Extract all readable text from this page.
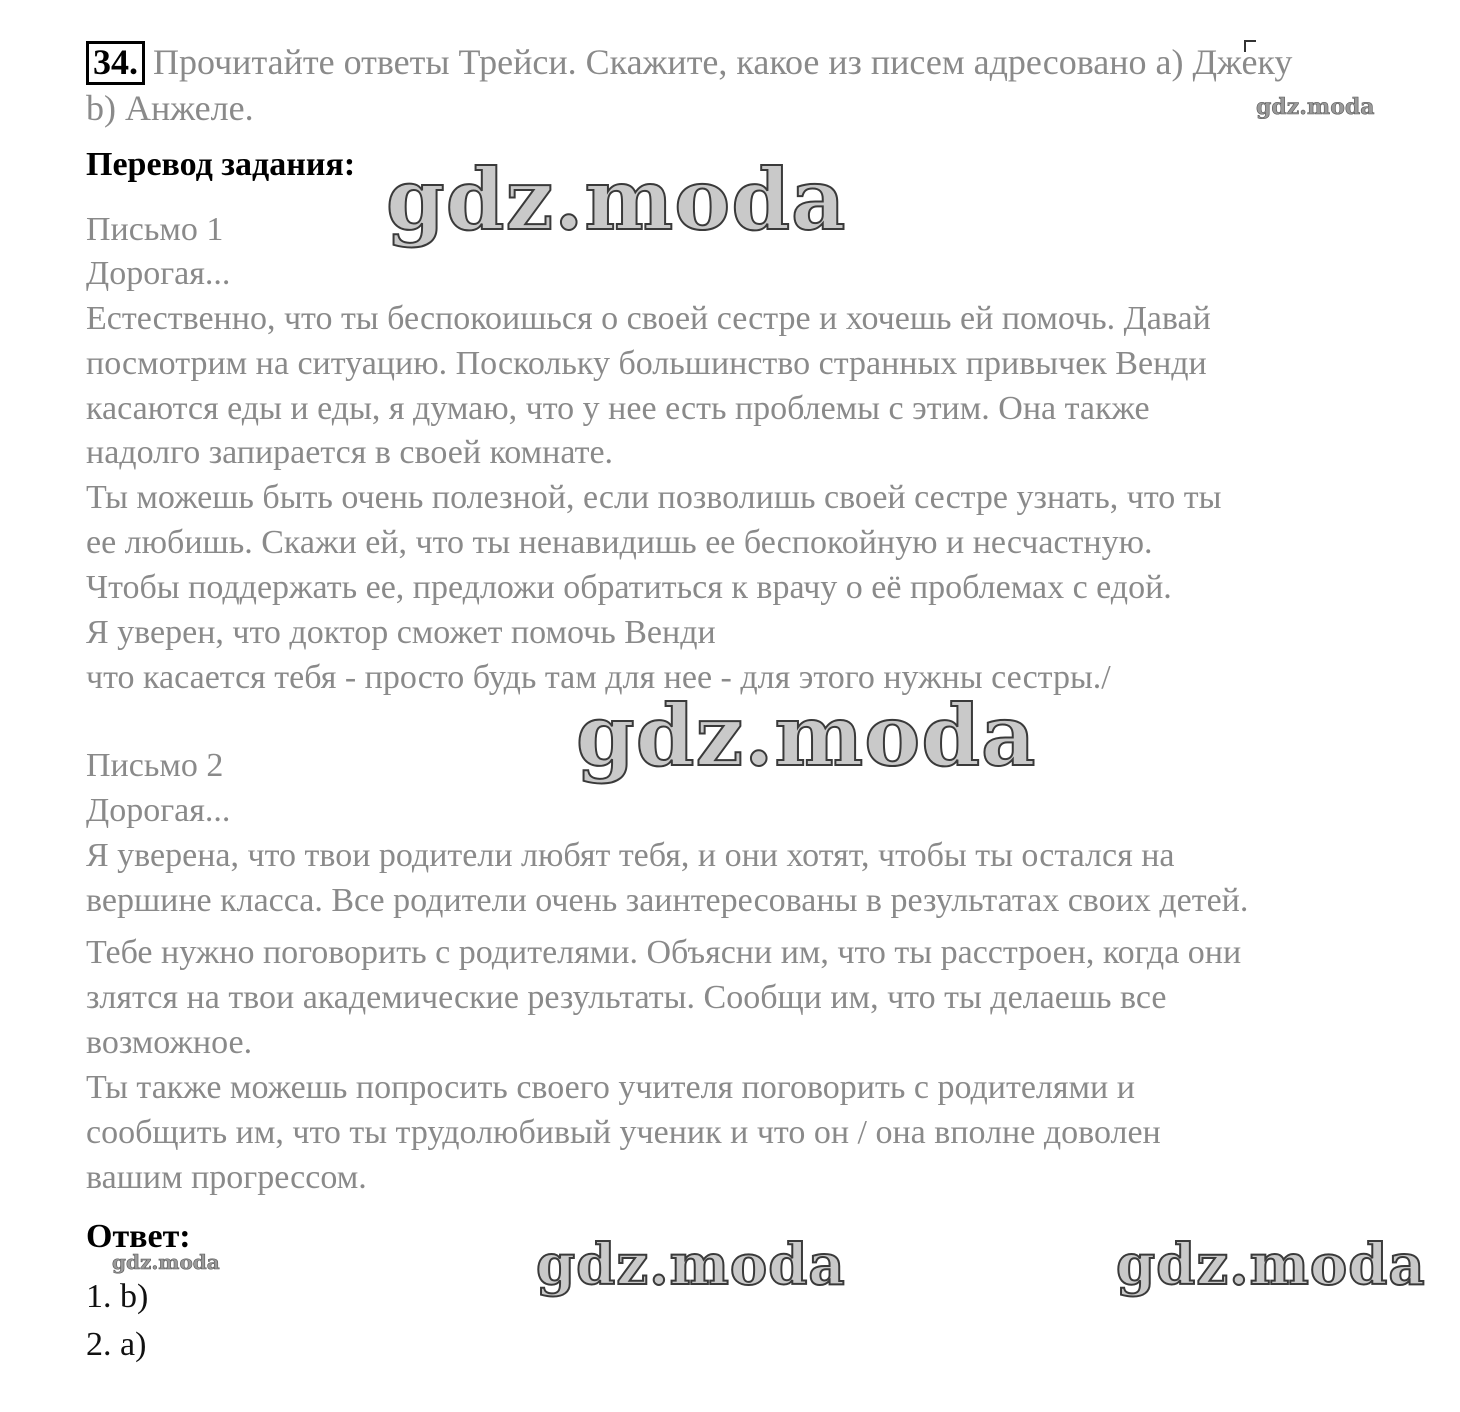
34. Прочитайте ответы Трейси. Скажите, какое из писем адресовано а) Джеку
b) Анжеле.
Перевод задания:
Письмо 1
Дорогая...
Естественно, что ты беспокоишься о своей сестре и хочешь ей помочь. Давай
посмотрим на ситуацию. Поскольку большинство странных привычек Венди
касаются еды и еды, я думаю, что у нее есть проблемы с этим. Она также
надолго запирается в своей комнате.
Ты можешь быть очень полезной, если позволишь своей сестре узнать, что ты
ее любишь. Скажи ей, что ты ненавидишь ее беспокойную и несчастную.
Чтобы поддержать ее, предложи обратиться к врачу о её проблемах с едой.
Я уверен, что доктор сможет помочь Венди
что касается тебя - просто будь там для нее - для этого нужны сестры./
Письмо 2
Дорогая...
Я уверена, что твои родители любят тебя, и они хотят, чтобы ты остался на
вершине класса. Все родители очень заинтересованы в результатах своих детей.
Тебе нужно поговорить с родителями. Объясни им, что ты расстроен, когда они
злятся на твои академические результаты. Сообщи им, что ты делаешь все
возможное.
Ты также можешь попросить своего учителя поговорить с родителями и
сообщить им, что ты трудолюбивый ученик и что он / она вполне доволен
вашим прогрессом.
Ответ:
1. b)
2. a)
gdz.moda
gdz.moda
gdz.moda
gdz.moda	gdz.moda	gdz.moda
